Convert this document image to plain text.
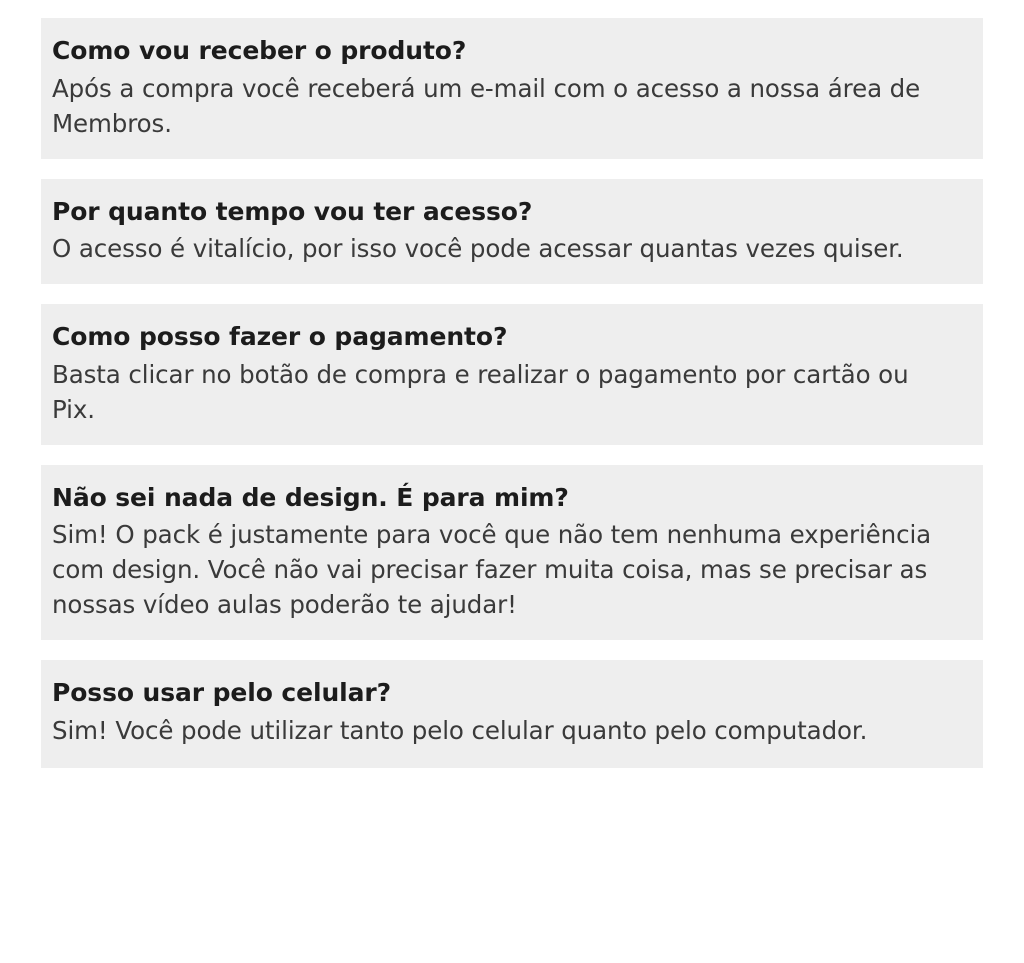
Como vou receber o produto?
Após a compra você receberá um e-mail com o acesso a nossa área de Membros.
Por quanto tempo vou ter acesso?
O acesso é vitalício, por isso você pode acessar quantas vezes quiser.
Como posso fazer o pagamento?
Basta clicar no botão de compra e realizar o pagamento por cartão ou Pix.
Não sei nada de design. É para mim?
Sim! O pack é justamente para você que não tem nenhuma experiência com design. Você não vai precisar fazer muita coisa, mas se precisar as nossas vídeo aulas poderão te ajudar!
Posso usar pelo celular?
Sim! Você pode utilizar tanto pelo celular quanto pelo computador.
